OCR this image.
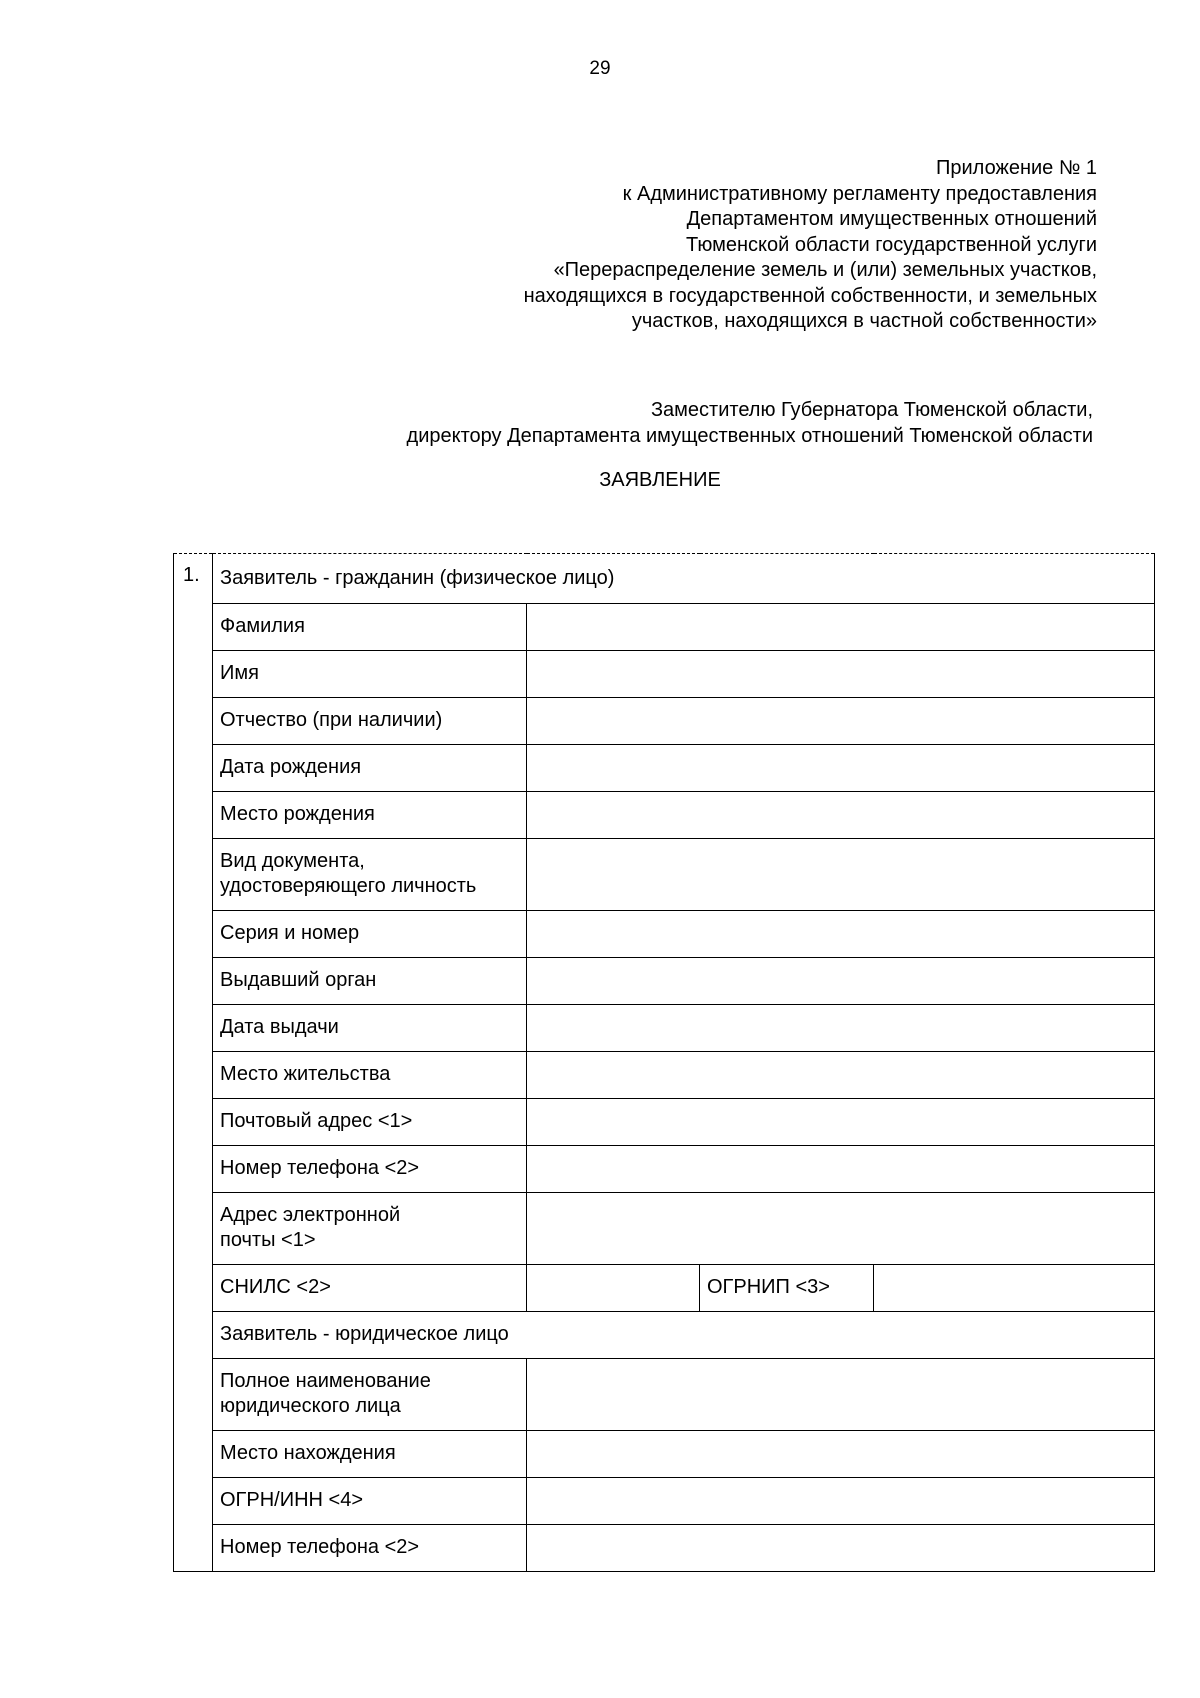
29
Приложение № 1
к Административному регламенту предоставления
Департаментом имущественных отношений
Тюменской области государственной услуги
«Перераспределение земель и (или) земельных участков,
находящихся в государственной собственности, и земельных
участков, находящихся в частной собственности»
Заместителю Губернатора Тюменской области,
директору Департамента имущественных отношений Тюменской области
ЗАЯВЛЕНИЕ
1.	Заявитель - гражданин (физическое лицо)			
	Фамилия			
	Имя			
	Отчество (при наличии)			
	Дата рождения			
	Место рождения			

	Вид документа,
удостоверяющего личность			

	Серия и номер			
	Выдавший орган			
	Дата выдачи			
	Место жительства			
	Почтовый адрес <1>			
	Номер телефона <2>			

	Адрес электронной
почты <1>			

	СНИЛС <2>		ОГРНИП <3>	
	Заявитель - юридическое лицо			

	Полное наименование
юридического лица			

	Место нахождения			
	ОГРН/ИНН <4>			
	Номер телефона <2>			
